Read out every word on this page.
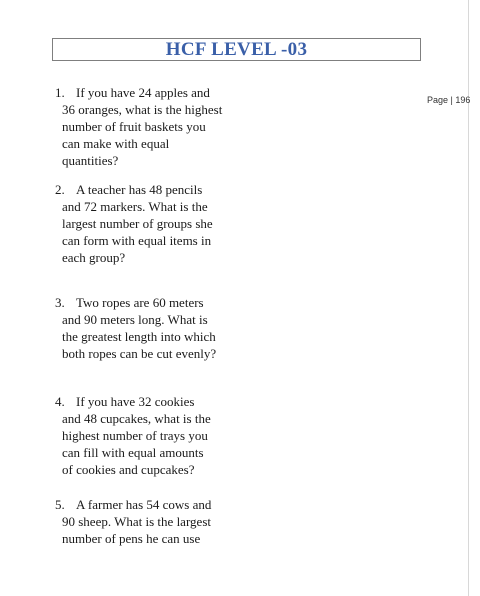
HCF LEVEL -03
Page | 196
1. If you have 24 apples and
36 oranges, what is the highest
number of fruit baskets you
can make with equal
quantities?
2. A teacher has 48 pencils
and 72 markers. What is the
largest number of groups she
can form with equal items in
each group?
3. Two ropes are 60 meters
and 90 meters long. What is
the greatest length into which
both ropes can be cut evenly?
4. If you have 32 cookies
and 48 cupcakes, what is the
highest number of trays you
can fill with equal amounts
of cookies and cupcakes?
5. A farmer has 54 cows and
90 sheep. What is the largest
number of pens he can use
